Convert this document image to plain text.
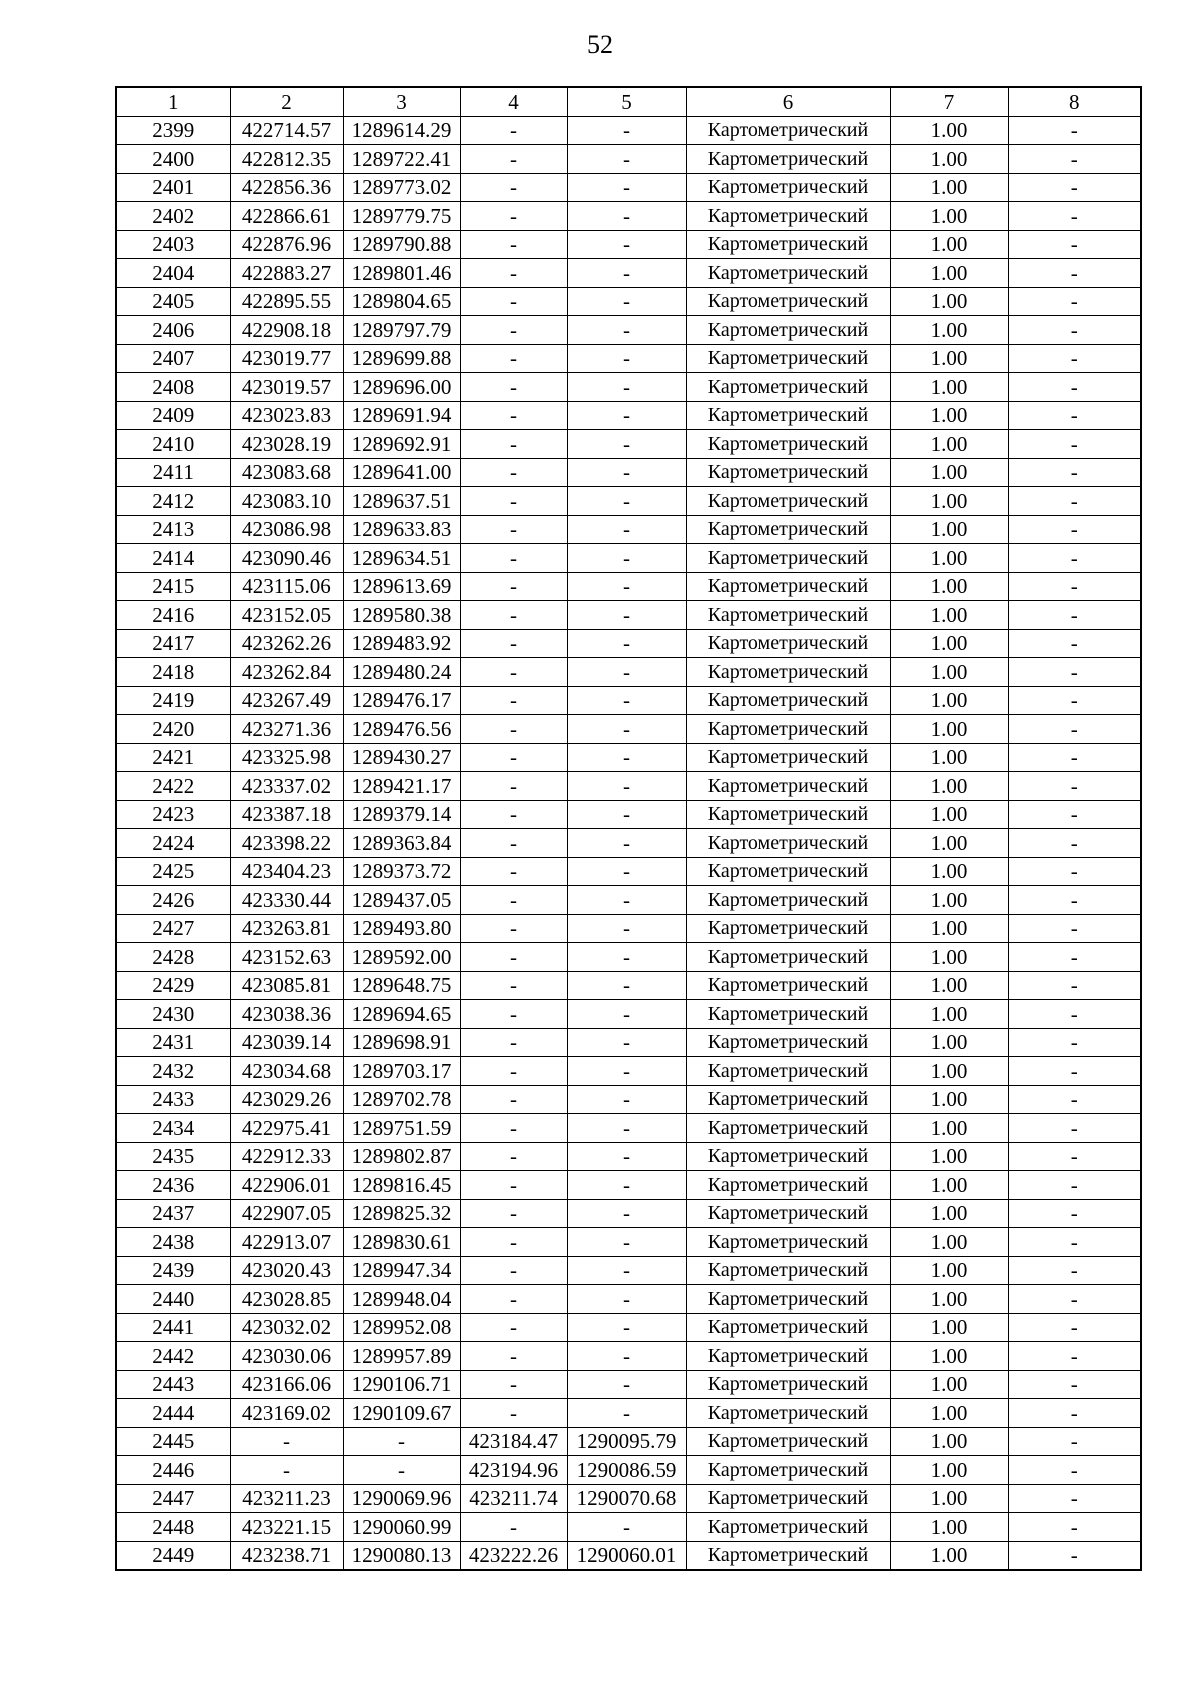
52
1	2	3	4	5	6	7	8
2399	422714.57	1289614.29	-	-	Картометрический	1.00	-
2400	422812.35	1289722.41	-	-	Картометрический	1.00	-
2401	422856.36	1289773.02	-	-	Картометрический	1.00	-
2402	422866.61	1289779.75	-	-	Картометрический	1.00	-
2403	422876.96	1289790.88	-	-	Картометрический	1.00	-
2404	422883.27	1289801.46	-	-	Картометрический	1.00	-
2405	422895.55	1289804.65	-	-	Картометрический	1.00	-
2406	422908.18	1289797.79	-	-	Картометрический	1.00	-
2407	423019.77	1289699.88	-	-	Картометрический	1.00	-
2408	423019.57	1289696.00	-	-	Картометрический	1.00	-
2409	423023.83	1289691.94	-	-	Картометрический	1.00	-
2410	423028.19	1289692.91	-	-	Картометрический	1.00	-
2411	423083.68	1289641.00	-	-	Картометрический	1.00	-
2412	423083.10	1289637.51	-	-	Картометрический	1.00	-
2413	423086.98	1289633.83	-	-	Картометрический	1.00	-
2414	423090.46	1289634.51	-	-	Картометрический	1.00	-
2415	423115.06	1289613.69	-	-	Картометрический	1.00	-
2416	423152.05	1289580.38	-	-	Картометрический	1.00	-
2417	423262.26	1289483.92	-	-	Картометрический	1.00	-
2418	423262.84	1289480.24	-	-	Картометрический	1.00	-
2419	423267.49	1289476.17	-	-	Картометрический	1.00	-
2420	423271.36	1289476.56	-	-	Картометрический	1.00	-
2421	423325.98	1289430.27	-	-	Картометрический	1.00	-
2422	423337.02	1289421.17	-	-	Картометрический	1.00	-
2423	423387.18	1289379.14	-	-	Картометрический	1.00	-
2424	423398.22	1289363.84	-	-	Картометрический	1.00	-
2425	423404.23	1289373.72	-	-	Картометрический	1.00	-
2426	423330.44	1289437.05	-	-	Картометрический	1.00	-
2427	423263.81	1289493.80	-	-	Картометрический	1.00	-
2428	423152.63	1289592.00	-	-	Картометрический	1.00	-
2429	423085.81	1289648.75	-	-	Картометрический	1.00	-
2430	423038.36	1289694.65	-	-	Картометрический	1.00	-
2431	423039.14	1289698.91	-	-	Картометрический	1.00	-
2432	423034.68	1289703.17	-	-	Картометрический	1.00	-
2433	423029.26	1289702.78	-	-	Картометрический	1.00	-
2434	422975.41	1289751.59	-	-	Картометрический	1.00	-
2435	422912.33	1289802.87	-	-	Картометрический	1.00	-
2436	422906.01	1289816.45	-	-	Картометрический	1.00	-
2437	422907.05	1289825.32	-	-	Картометрический	1.00	-
2438	422913.07	1289830.61	-	-	Картометрический	1.00	-
2439	423020.43	1289947.34	-	-	Картометрический	1.00	-
2440	423028.85	1289948.04	-	-	Картометрический	1.00	-
2441	423032.02	1289952.08	-	-	Картометрический	1.00	-
2442	423030.06	1289957.89	-	-	Картометрический	1.00	-
2443	423166.06	1290106.71	-	-	Картометрический	1.00	-
2444	423169.02	1290109.67	-	-	Картометрический	1.00	-
2445	-	-	423184.47	1290095.79	Картометрический	1.00	-
2446	-	-	423194.96	1290086.59	Картометрический	1.00	-
2447	423211.23	1290069.96	423211.74	1290070.68	Картометрический	1.00	-
2448	423221.15	1290060.99	-	-	Картометрический	1.00	-
2449	423238.71	1290080.13	423222.26	1290060.01	Картометрический	1.00	-
